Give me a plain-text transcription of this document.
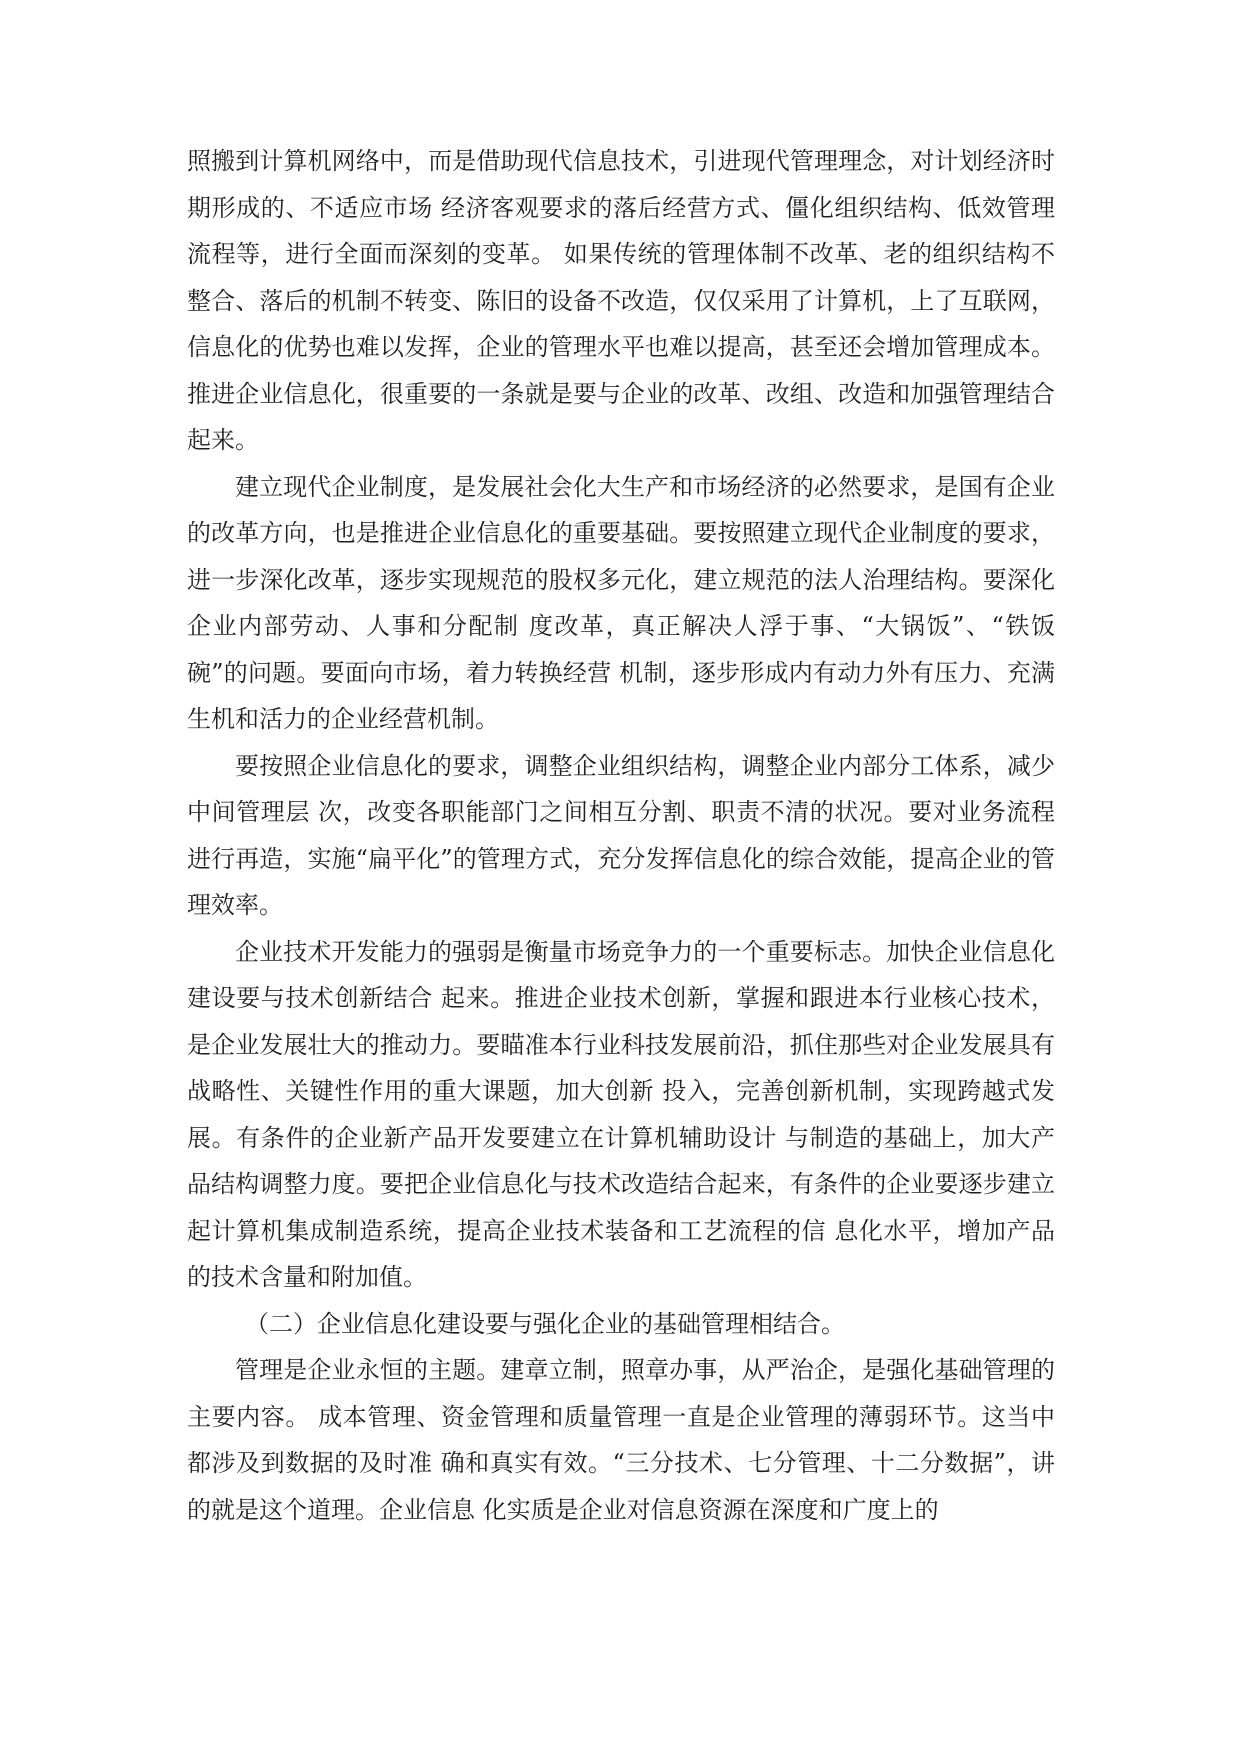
照搬到计算机网络中，而是借助现代信息技术，引进现代管理理念，对计划经济时期形成的、不适应市场 经济客观要求的落后经营方式、僵化组织结构、低效管理流程等，进行全面而深刻的变革。 如果传统的管理体制不改革、老的组织结构不整合、落后的机制不转变、陈旧的设备不改造，仅仅采用了计算机，上了互联网，信息化的优势也难以发挥，企业的管理水平也难以提高，甚至还会增加管理成本。推进企业信息化，很重要的一条就是要与企业的改革、改组、改造和加强管理结合起来。

建立现代企业制度，是发展社会化大生产和市场经济的必然要求，是国有企业的改革方向，也是推进企业信息化的重要基础。要按照建立现代企业制度的要求，进一步深化改革，逐步实现规范的股权多元化，建立规范的法人治理结构。要深化企业内部劳动、人事和分配制 度改革，真正解决人浮于事、“大锅饭”、“铁饭碗”的问题。要面向市场，着力转换经营 机制，逐步形成内有动力外有压力、充满生机和活力的企业经营机制。

要按照企业信息化的要求，调整企业组织结构，调整企业内部分工体系，减少中间管理层 次，改变各职能部门之间相互分割、职责不清的状况。要对业务流程进行再造，实施“扁平化”的管理方式，充分发挥信息化的综合效能，提高企业的管理效率。

企业技术开发能力的强弱是衡量市场竞争力的一个重要标志。加快企业信息化建设要与技术创新结合 起来。推进企业技术创新，掌握和跟进本行业核心技术，是企业发展壮大的推动力。要瞄准本行业科技发展前沿，抓住那些对企业发展具有战略性、关键性作用的重大课题，加大创新 投入，完善创新机制，实现跨越式发展。有条件的企业新产品开发要建立在计算机辅助设计 与制造的基础上，加大产品结构调整力度。要把企业信息化与技术改造结合起来，有条件的企业要逐步建立起计算机集成制造系统，提高企业技术装备和工艺流程的信 息化水平，增加产品的技术含量和附加值。

（二）企业信息化建设要与强化企业的基础管理相结合。

管理是企业永恒的主题。建章立制，照章办事，从严治企，是强化基础管理的主要内容。 成本管理、资金管理和质量管理一直是企业管理的薄弱环节。这当中都涉及到数据的及时准 确和真实有效。“三分技术、七分管理、十二分数据”，讲的就是这个道理。企业信息 化实质是企业对信息资源在深度和广度上的
